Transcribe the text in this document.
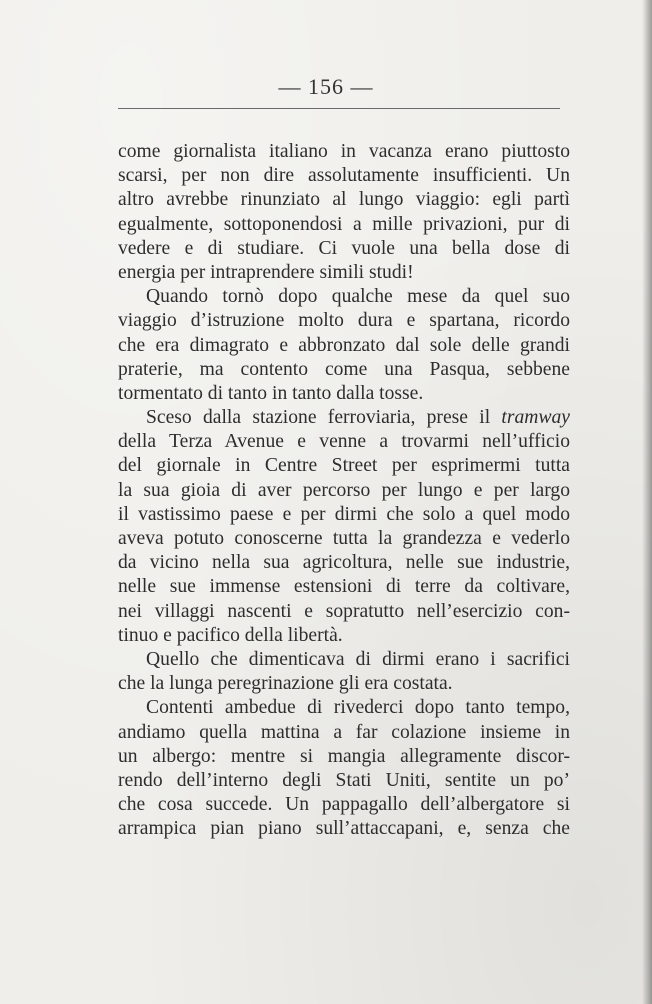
— 156 —
come giornalista italiano in vacanza erano piuttosto
scarsi, per non dire assolutamente insufficienti. Un
altro avrebbe rinunziato al lungo viaggio: egli partì
egualmente, sottoponendosi a mille privazioni, pur di
vedere e di studiare. Ci vuole una bella dose di
energia per intraprendere simili studi!
Quando tornò dopo qualche mese da quel suo
viaggio d’istruzione molto dura e spartana, ricordo
che era dimagrato e abbronzato dal sole delle grandi
praterie, ma contento come una Pasqua, sebbene
tormentato di tanto in tanto dalla tosse.
Sceso dalla stazione ferroviaria, prese il tramway
della Terza Avenue e venne a trovarmi nell’ufficio
del giornale in Centre Street per esprimermi tutta
la sua gioia di aver percorso per lungo e per largo
il vastissimo paese e per dirmi che solo a quel modo
aveva potuto conoscerne tutta la grandezza e vederlo
da vicino nella sua agricoltura, nelle sue industrie,
nelle sue immense estensioni di terre da coltivare,
nei villaggi nascenti e sopratutto nell’esercizio con-
tinuo e pacifico della libertà.
Quello che dimenticava di dirmi erano i sacrifici
che la lunga peregrinazione gli era costata.
Contenti ambedue di rivederci dopo tanto tempo,
andiamo quella mattina a far colazione insieme in
un albergo: mentre si mangia allegramente discor-
rendo dell’interno degli Stati Uniti, sentite un po’
che cosa succede. Un pappagallo dell’albergatore si
arrampica pian piano sull’attaccapani, e, senza che
